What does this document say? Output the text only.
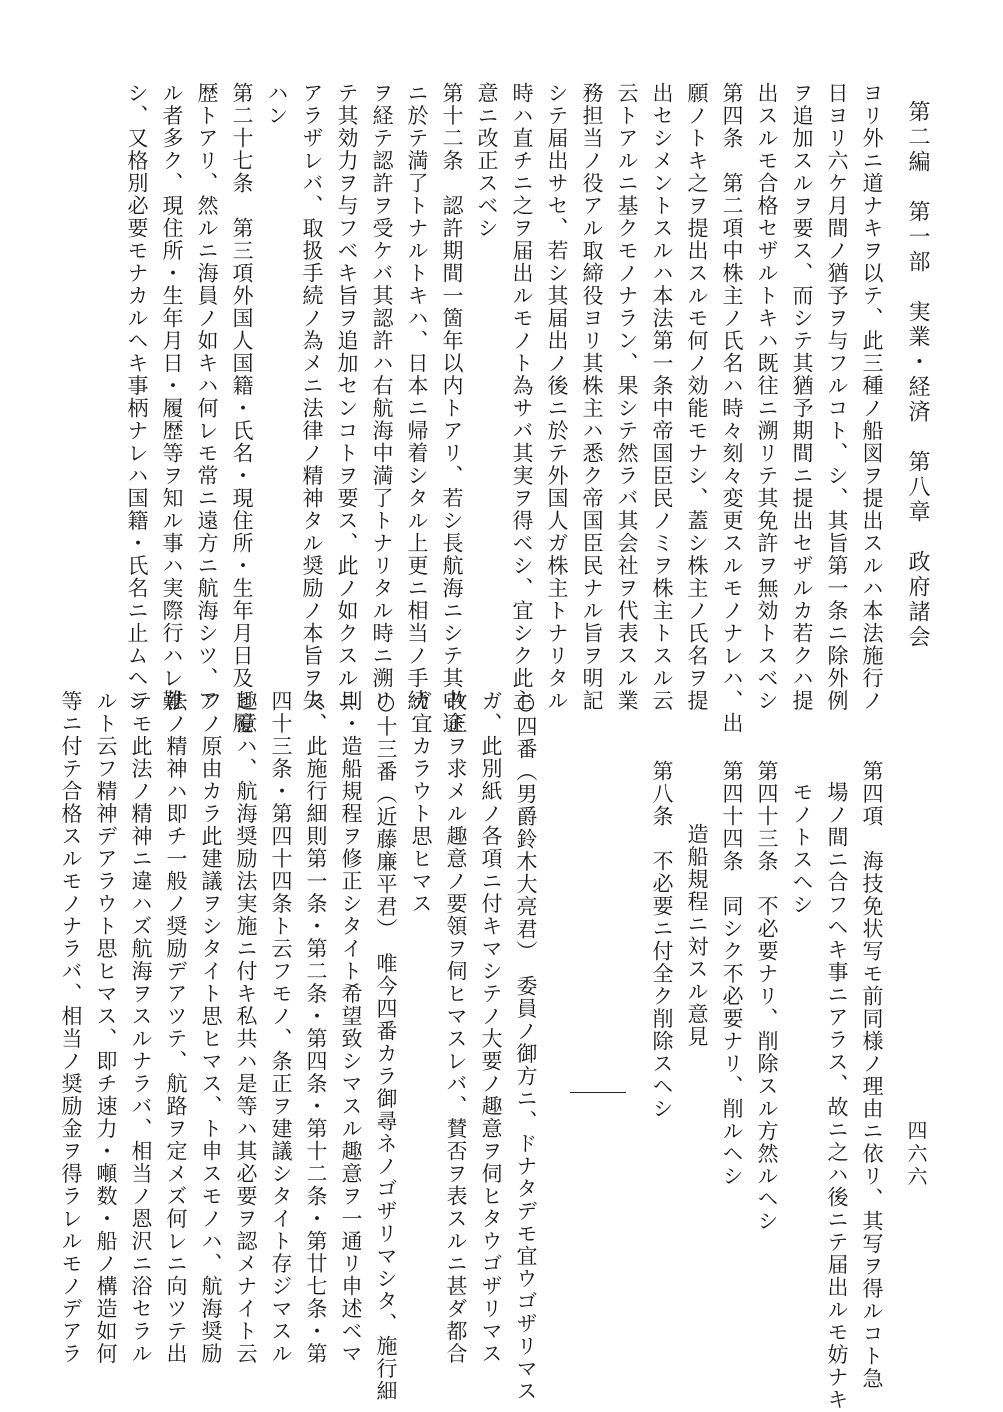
第二編　第一部　実業・経済　第八章　政府諸会
ヨリ外ニ道ナキヲ以テ、此三種ノ船図ヲ提出スルハ本法施行ノ
日ヨリ六ケ月間ノ猶予ヲ与フルコト、シ、其旨第一条ニ除外例
ヲ追加スルヲ要ス、而シテ其猶予期間ニ提出セザルカ若クハ提
出スルモ合格セザルトキハ既往ニ溯リテ其免許ヲ無効トスベシ
第四条　第二項中株主ノ氏名ハ時々刻々変更スルモノナレハ、出
願ノトキ之ヲ提出スルモ何ノ効能モナシ、蓋シ株主ノ氏名ヲ提
出セシメントスルハ本法第一条中帝国臣民ノミヲ株主トスル云
云トアルニ基クモノナラン、果シテ然ラバ其会社ヲ代表スル業
務担当ノ役アル取締役ヨリ其株主ハ悉ク帝国臣民ナル旨ヲ明記
シテ届出サセ、若シ其届出ノ後ニ於テ外国人ガ株主トナリタル
時ハ直チニ之ヲ届出ルモノト為サバ其実ヲ得ベシ、宜シク此主
意ニ改正スベシ
第十二条　認許期間一箇年以内トアリ、若シ長航海ニシテ其中途
ニ於テ満了トナルトキハ、日本ニ帰着シタル上更ニ相当ノ手続
ヲ経テ認許ヲ受ケバ其認許ハ右航海中満了トナリタル時ニ溯リ
テ其効力ヲ与フベキ旨ヲ追加センコトヲ要ス、此ノ如クスルニ
アラザレバ、取扱手続ノ為メニ法律ノ精神タル奨励ノ本旨ヲ失
ハン
第二十七条　第三項外国人国籍・氏名・現住所・生年月日及ヒ履
歴トアリ、然ルニ海員ノ如キハ何レモ常ニ遠方ニ航海シツ、ア
ル者多ク、現住所・生年月日・履歴等ヲ知ル事ハ実際行ハレ難
シ、又格別必要モナカルヘキ事柄ナレハ国籍・氏名ニ止ムヘシ
第四項　海技免状写モ前同様ノ理由ニ依リ、其写ヲ得ルコト急
場ノ間ニ合フヘキ事ニアラス、故ニ之ハ後ニテ届出ルモ妨ナキ
モノトスヘシ
第四十三条　不必要ナリ、削除スル方然ルヘシ
第四十四条　同シク不必要ナリ、削ルヘシ
造船規程ニ対スル意見
第八条　不必要ニ付全ク削除スヘシ
○四番（男爵鈴木大亮君）　委員ノ御方ニ、ドナタデモ宜ウゴザリマス
ガ、此別紙ノ各項ニ付キマシテノ大要ノ趣意ヲ伺ヒタウゴザリマス
改正ヲ求メル趣意ノ要領ヲ伺ヒマスレバ、賛否ヲ表スルニ甚ダ都合
ガ宜カラウト思ヒマス
○十三番（近藤廉平君）　唯今四番カラ御尋ネノゴザリマシタ、施行細
則・造船規程ヲ修正シタイト希望致シマスル趣意ヲ一通リ申述ベマ
ス、此施行細則第一条・第二条・第四条・第十二条・第廿七条・第
四十三条・第四十四条ト云フモノ、条正ヲ建議シタイト存ジマスル
趣意ハ、航海奨励法実施ニ付キ私共ハ是等ハ其必要ヲ認メナイト云
フノ原由カラ此建議ヲシタイト思ヒマス、ト申スモノハ、航海奨励
法ノ精神ハ即チ一般ノ奨励デアツテ、航路ヲ定メズ何レニ向ツテ出
テモ此法ノ精神ニ違ハズ航海ヲスルナラバ、相当ノ恩沢ニ浴セラル
ルト云フ精神デアラウト思ヒマス、即チ速力・噸数・船ノ構造如何
等ニ付テ合格スルモノナラバ、相当ノ奨励金ヲ得ラレルモノデアラ	四六六
